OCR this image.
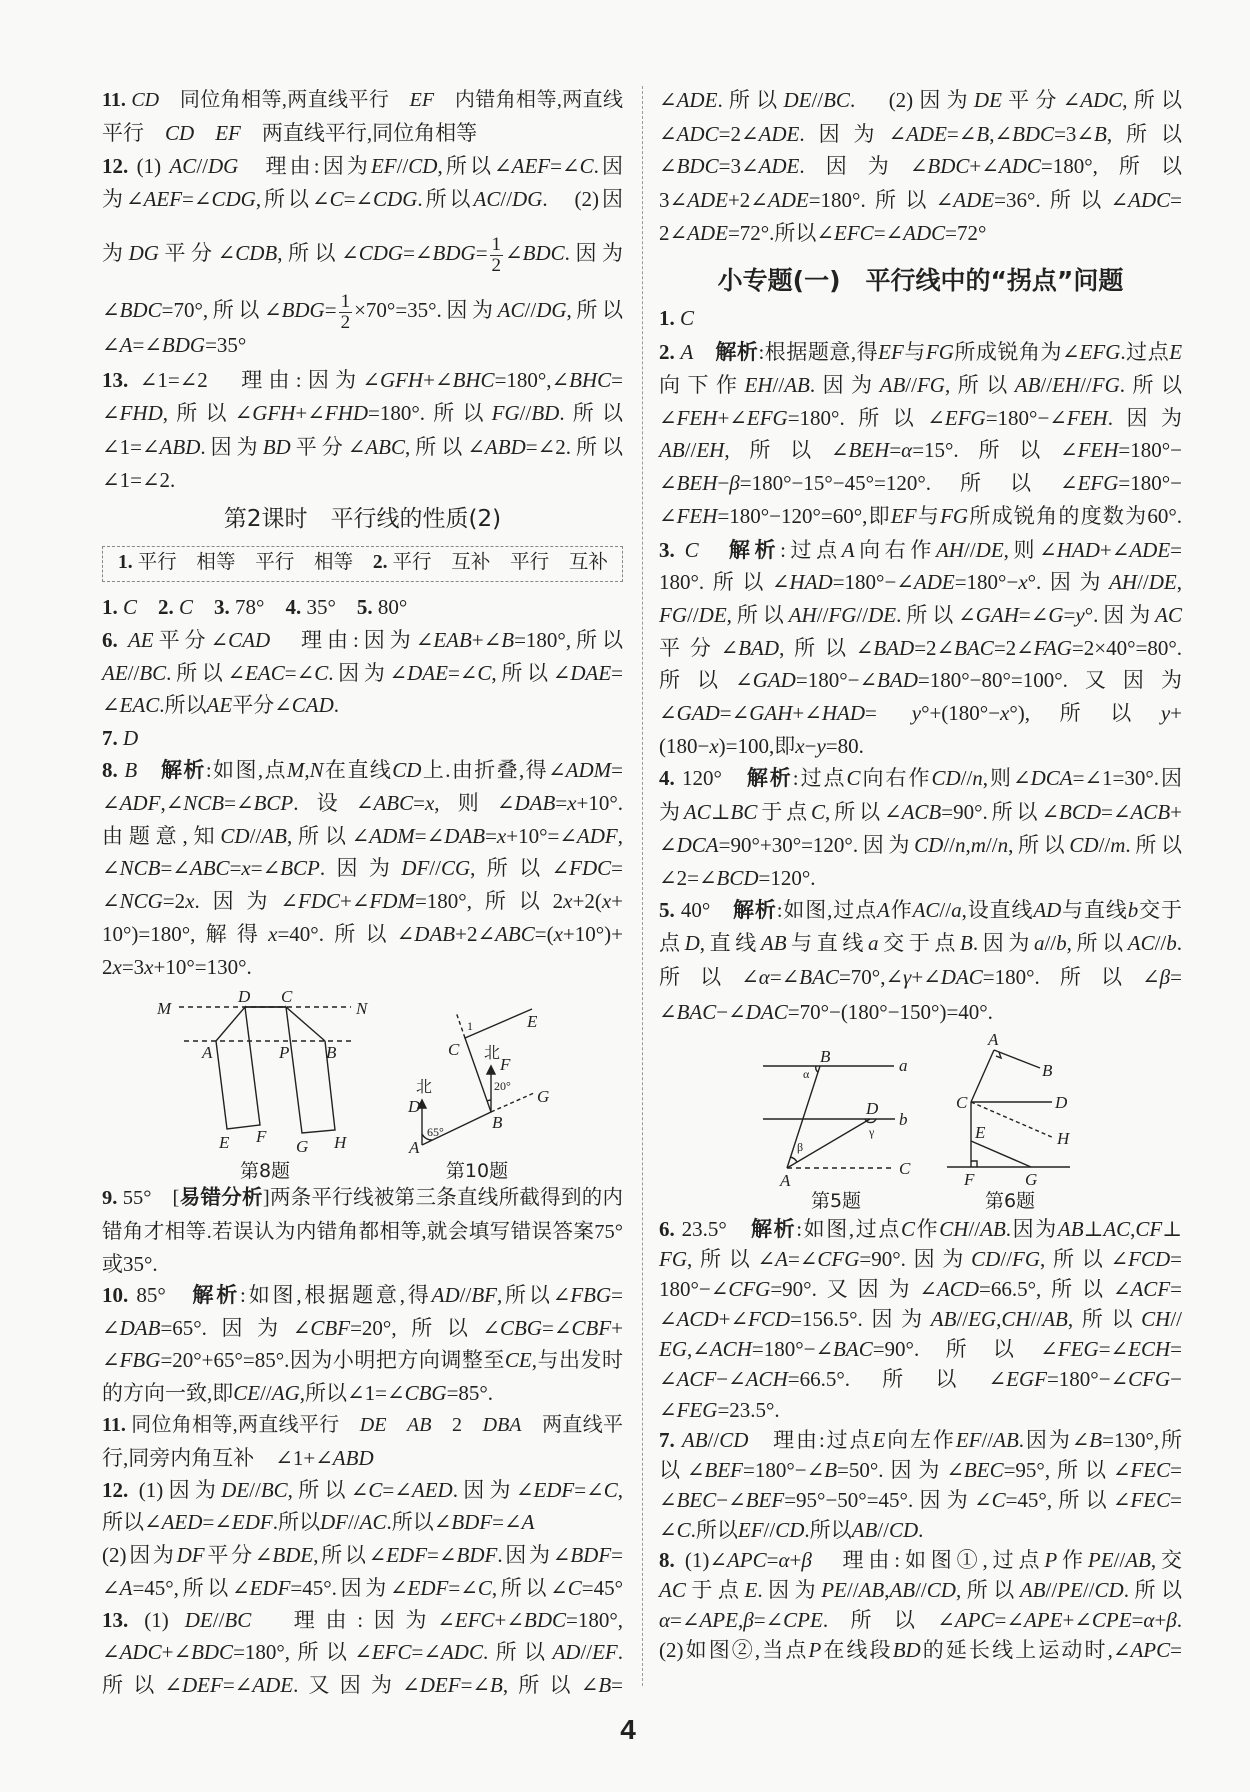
11. CD　同位角相等,两直线平行　EF　内错角相等,两直线
平行　CD　 EF　两直线平行,同位角相等
12. (1) AC//DG　理由:因为EF//CD,所以∠AEF=∠C.因
为∠AEF=∠CDG,所以∠C=∠CDG.所以AC//DG.　(2)因
为DG平分∠CDB,所以∠CDG=∠BDG= $\frac{1}{2}$ ∠BDC.因为
∠BDC=70°,所以∠BDG= $\frac{1}{2} \times 70^\circ=35^\circ$.因为AC//DG,所以
∠A=∠BDG=35°
13. ∠1=∠2　理由:因为∠GFH+∠BHC=180°,∠BHC=
∠FHD,所以∠GFH+∠FHD=180°.所以FG//BD.所以
∠1=∠ABD.因为BD平分∠ABC,所以∠ABD=∠2.所以
∠1=∠2.
第2课时　平行线的性质(2)
1. 平行　相等　平行　相等　2. 平行　互补　平行　互补
1. C　 2. C　 3. 78°　4. 35°　5. 80°
6. AE平分∠CAD　理由:因为∠EAB+∠B=180°,所以
AE//BC.所以∠EAC=∠C.因为∠DAE=∠C,所以∠DAE=
∠EAC.所以AE平分∠CAD.
7. D
8. B　 解析:如图,点M,N在直线CD上.由折叠,得∠ADM=
∠ADF,∠NCB=∠BCP.设∠ABC=x,则∠DAB=x+10°.
由题意,知CD//AB,所以∠ADM=∠DAB=x+10°=∠ADF,
∠NCB=∠ABC=x=∠BCP.因为DF//CG,所以∠FDC=
∠NCG=2x.因为∠FDC+∠FDM=180°,所以2x+2(x+
10°)=180°,解得x=40°.所以∠DAB+2∠ABC=(x+10°)+
2x=3x+10°=130°.
M
D C
N
A	P B
E F
G H
北
D
65°
A
B
G
20°
北
F
C
1	E
B	a
D
b
C
A
α
β
γ
A
B
C	D
H
E
F	G
第8题	第10题
第5题	第6题
9. 55°　[易错分析]两条平行线被第三条直线所截得到的内
错角才相等.若误认为内错角都相等,就会填写错误答案75°
或35°.
10. 85°　解析:如图,根据题意,得AD//BF,所以∠FBG=
∠DAB=65°.因为∠CBF=20°,所以∠CBG=∠CBF+
∠FBG=20°+65°=85°.因为小明把方向调整至CE,与出发时
的方向一致,即CE//AG,所以∠1=∠CBG=85°.
11. 同位角相等,两直线平行　DE　 AB　2　DBA　两直线平
行,同旁内角互补　∠1+∠ABD
12. (1)因为DE//BC,所以∠C=∠AED.因为∠EDF=∠C,
所以∠AED=∠EDF.所以DF//AC.所以∠BDF=∠A
(2)因为DF平分∠BDE,所以∠EDF=∠BDF.因为∠BDF=
∠A=45°,所以∠EDF=45°.因为∠EDF=∠C,所以∠C=45°
13. (1) DE//BC　理由:因为∠EFC+∠BDC=180°,
∠ADC+∠BDC=180°,所以∠EFC=∠ADC.所以AD//EF.
所以∠DEF=∠ADE.又因为∠DEF=∠B,所以∠B=
∠ADE.所以DE//BC.　(2)因为DE平分∠ADC,所以
∠ADC=2∠ADE.因为∠ADE=∠B,∠BDC=3∠B,所以
∠BDC=3∠ADE.因为∠BDC+∠ADC=180°,所以
3∠ADE+2∠ADE=180°.所以∠ADE=36°.所以∠ADC=
2∠ADE=72°.所以∠EFC=∠ADC=72°
小专题(一)　平行线中的“拐点”问题
1. C
2. A　 解析:根据题意,得EF与FG所成锐角为∠EFG.过点E
向下作EH//AB.因为AB//FG,所以AB//EH//FG.所以
∠FEH+∠EFG=180°.所以∠EFG=180°−∠FEH.因为
AB//EH,所以∠BEH=α=15°.所以∠FEH=180°−
∠BEH−β=180°−15°−45°=120°.所以∠EFG=180°−
∠FEH=180°−120°=60°,即EF与FG所成锐角的度数为60°.
3. C　 解析:过点A向右作AH//DE,则∠HAD+∠ADE=
180°.所以∠HAD=180°−∠ADE=180°−x°.因为AH//DE,
FG//DE,所以AH//FG//DE.所以∠GAH=∠G=y°.因为AC
平分∠BAD,所以∠BAD=2∠BAC=2∠FAG=2×40°=80°.
所以∠GAD=180°−∠BAD=180°−80°=100°.又因为
∠GAD=∠GAH+∠HAD= y°+(180°−x°),所以y+
(180−x)=100,即x−y=80.
4. 120°　解析:过点C向右作CD//n,则∠DCA=∠1=30°.因
为AC⊥BC于点C,所以∠ACB=90°.所以∠BCD=∠ACB+
∠DCA=90°+30°=120°.因为CD//n,m//n,所以CD//m.所以
∠2=∠BCD=120°.
5. 40°　解析:如图,过点A作AC//a,设直线AD与直线b交于
点D,直线AB与直线a交于点B.因为a//b,所以AC//b.
所以∠α=∠BAC=70°,∠γ+∠DAC=180°.所以∠β=
∠BAC−∠DAC=70°−(180°−150°)=40°.
6. 23.5°　解析:如图,过点C作CH//AB.因为AB⊥AC,CF⊥
FG,所以∠A=∠CFG=90°.因为CD//FG,所以∠FCD=
180°−∠CFG=90°.又因为∠ACD=66.5°,所以∠ACF=
∠ACD+∠FCD=156.5°.因为AB//EG,CH//AB,所以CH//
EG,∠ACH=180°−∠BAC=90°.所以∠FEG=∠ECH=
∠ACF−∠ACH=66.5°.所以∠EGF=180°−∠CFG−
∠FEG=23.5°.
7. AB//CD　理由:过点E向左作EF//AB.因为∠B=130°,所
以∠BEF=180°−∠B=50°.因为∠BEC=95°,所以∠FEC=
∠BEC−∠BEF=95°−50°=45°.因为∠C=45°,所以∠FEC=
∠C.所以EF//CD.所以AB//CD.
8. (1)∠APC=α+β　理由:如图①,过点P作PE//AB,交
AC于点E.因为PE//AB,AB//CD,所以AB//PE//CD.所以
α=∠APE,β=∠CPE.所以∠APC=∠APE+∠CPE=α+β.
(2)如图②,当点P在线段BD的延长线上运动时,∠APC=
4
